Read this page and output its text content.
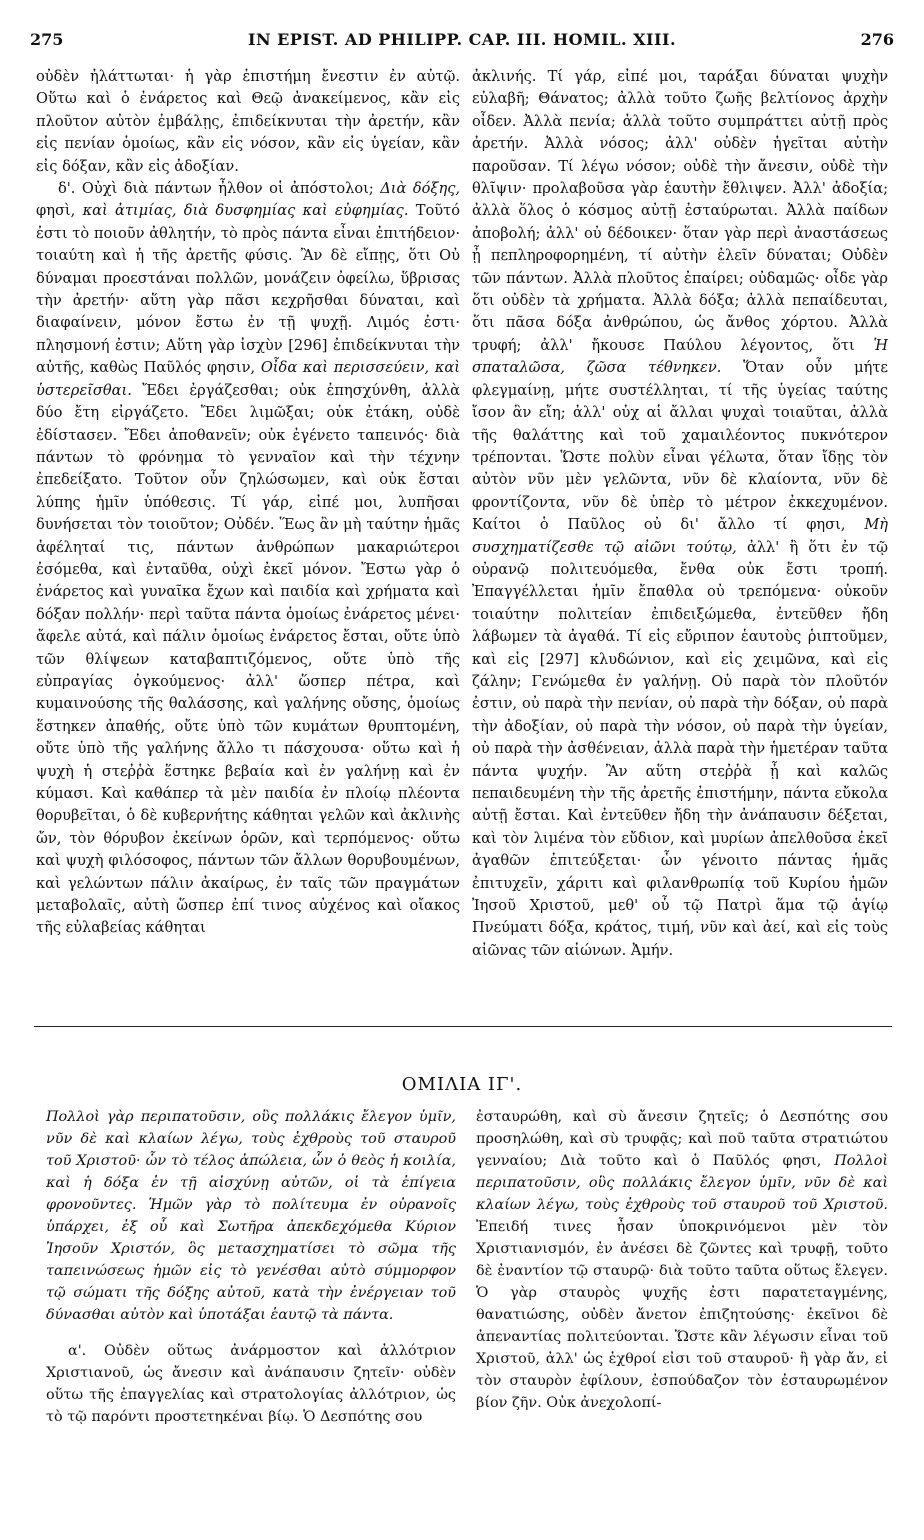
275	IN EPIST. AD PHILIPP. CAP. III. HOMIL. XIII.	276

οὐδὲν ἠλάττωται· ἡ γὰρ ἐπιστήμη ἔνεστιν ἐν αὐτῷ. Οὕτω καὶ ὁ ἐνάρετος καὶ Θεῷ ἀνακείμενος, κἂν εἰς πλοῦτον αὐτὸν ἐμβάλῃς, ἐπιδείκνυται τὴν ἀρετήν, κἂν εἰς πενίαν ὁμοίως, κἂν εἰς νόσον, κἂν εἰς ὑγείαν, κἂν εἰς δόξαν, κἂν εἰς ἀδοξίαν.

δ'. Οὐχὶ διὰ πάντων ἦλθον οἱ ἀπόστολοι; Διὰ δόξης, φησὶ, καὶ ἀτιμίας, διὰ δυσφημίας καὶ εὐφημίας. Τοῦτό ἐστι τὸ ποιοῦν ἀθλητήν, τὸ πρὸς πάντα εἶναι ἐπιτήδειον· τοιαύτη καὶ ἡ τῆς ἀρετῆς φύσις. Ἂν δὲ εἴπῃς, ὅτι Οὐ δύναμαι προεστάναι πολλῶν, μονάζειν ὀφείλω, ὕβρισας τὴν ἀρετήν· αὕτη γὰρ πᾶσι κεχρῆσθαι δύναται, καὶ διαφαίνειν, μόνον ἔστω ἐν τῇ ψυχῇ. Λιμός ἐστι· πλησμονή ἐστιν; Αὕτη γὰρ ἰσχὺν [296] ἐπιδείκνυται τὴν αὐτῆς, καθὼς Παῦλός φησιν, Οἶδα καὶ περισσεύειν, καὶ ὑστερεῖσθαι. Ἔδει ἐργάζεσθαι; οὐκ ἐπησχύνθη, ἀλλὰ δύο ἔτη εἰργάζετο. Ἔδει λιμῶξαι; οὐκ ἐτάκη, οὐδὲ ἐδίστασεν. Ἔδει ἀποθανεῖν; οὐκ ἐγένετο ταπεινός· διὰ πάντων τὸ φρόνημα τὸ γενναῖον καὶ τὴν τέχνην ἐπεδείξατο. Τοῦτον οὖν ζηλώσωμεν, καὶ οὐκ ἔσται λύπης ἡμῖν ὑπόθεσις. Τί γάρ, εἰπέ μοι, λυπῆσαι δυνήσεται τὸν τοιοῦτον; Οὐδέν. Ἕως ἂν μὴ ταύτην ἡμᾶς ἀφέληταί τις, πάντων ἀνθρώπων μακαριώτεροι ἐσόμεθα, καὶ ἐνταῦθα, οὐχὶ ἐκεῖ μόνον. Ἔστω γὰρ ὁ ἐνάρετος καὶ γυναῖκα ἔχων καὶ παιδία καὶ χρήματα καὶ δόξαν πολλήν· περὶ ταῦτα πάντα ὁμοίως ἐνάρετος μένει· ἄφελε αὐτά, καὶ πάλιν ὁμοίως ἐνάρετος ἔσται, οὔτε ὑπὸ τῶν θλίψεων καταβαπτιζόμενος, οὔτε ὑπὸ τῆς εὐπραγίας ὀγκούμενος· ἀλλ' ὥσπερ πέτρα, καὶ κυμαινούσης τῆς θαλάσσης, καὶ γαλήνης οὔσης, ὁμοίως ἕστηκεν ἀπαθής, οὔτε ὑπὸ τῶν κυμάτων θρυπτομένη, οὔτε ὑπὸ τῆς γαλήνης ἄλλο τι πάσχουσα· οὕτω καὶ ἡ ψυχὴ ἡ στεῤῥὰ ἕστηκε βεβαία καὶ ἐν γαλήνῃ καὶ ἐν κύμασι. Καὶ καθάπερ τὰ μὲν παιδία ἐν πλοίῳ πλέοντα θορυβεῖται, ὁ δὲ κυβερνήτης κάθηται γελῶν καὶ ἀκλινὴς ὤν, τὸν θόρυβον ἐκείνων ὁρῶν, καὶ τερπόμενος· οὕτω καὶ ψυχὴ φιλόσοφος, πάντων τῶν ἄλλων θορυβουμένων, καὶ γελώντων πάλιν ἀκαίρως, ἐν ταῖς τῶν πραγμάτων μεταβολαῖς, αὐτὴ ὥσπερ ἐπί τινος αὐχένος καὶ οἴακος τῆς εὐλαβείας κάθηται

ἀκλινής. Τί γάρ, εἰπέ μοι, ταράξαι δύναται ψυχὴν εὐλαβῆ; Θάνατος; ἀλλὰ τοῦτο ζωῆς βελτίονος ἀρχὴν οἶδεν. Ἀλλὰ πενία; ἀλλὰ τοῦτο συμπράττει αὐτῇ πρὸς ἀρετήν. Ἀλλὰ νόσος; ἀλλ' οὐδὲν ἡγεῖται αὐτὴν παροῦσαν. Τί λέγω νόσον; οὐδὲ τὴν ἄνεσιν, οὐδὲ τὴν θλῖψιν· προλαβοῦσα γὰρ ἑαυτὴν ἔθλιψεν. Ἀλλ' ἀδοξία; ἀλλὰ ὅλος ὁ κόσμος αὐτῇ ἐσταύρωται. Ἀλλὰ παίδων ἀποβολή; ἀλλ' οὐ δέδοικεν· ὅταν γὰρ περὶ ἀναστάσεως ᾖ πεπληροφορημένη, τί αὐτὴν ἐλεῖν δύναται; Οὐδὲν τῶν πάντων. Ἀλλὰ πλοῦτος ἐπαίρει; οὐδαμῶς· οἶδε γὰρ ὅτι οὐδὲν τὰ χρήματα. Ἀλλὰ δόξα; ἀλλὰ πεπαίδευται, ὅτι πᾶσα δόξα ἀνθρώπου, ὡς ἄνθος χόρτου. Ἀλλὰ τρυφή; ἀλλ' ἤκουσε Παύλου λέγοντος, ὅτι Ἡ σπαταλῶσα, ζῶσα τέθνηκεν. Ὅταν οὖν μήτε φλεγμαίνῃ, μήτε συστέλληται, τί τῆς ὑγείας ταύτης ἴσον ἂν εἴη; ἀλλ' οὐχ αἱ ἄλλαι ψυχαὶ τοιαῦται, ἀλλὰ τῆς θαλάττης καὶ τοῦ χαμαιλέοντος πυκνότερον τρέπονται. Ὥστε πολὺν εἶναι γέλωτα, ὅταν ἴδῃς τὸν αὐτὸν νῦν μὲν γελῶντα, νῦν δὲ κλαίοντα, νῦν δὲ φροντίζοντα, νῦν δὲ ὑπὲρ τὸ μέτρον ἐκκεχυμένον. Καίτοι ὁ Παῦλος οὐ δι' ἄλλο τί φησι, Μὴ συσχηματίζεσθε τῷ αἰῶνι τούτῳ, ἀλλ' ἢ ὅτι ἐν τῷ οὐρανῷ πολιτευόμεθα, ἔνθα οὐκ ἔστι τροπή. Ἐπαγγέλλεται ἡμῖν ἔπαθλα οὐ τρεπόμενα· οὐκοῦν τοιαύτην πολιτείαν ἐπιδειξώμεθα, ἐντεῦθεν ἤδη λάβωμεν τὰ ἀγαθά. Τί εἰς εὔριπον ἑαυτοὺς ῥιπτοῦμεν, καὶ εἰς [297] κλυδώνιον, καὶ εἰς χειμῶνα, καὶ εἰς ζάλην; Γενώμεθα ἐν γαλήνῃ. Οὐ παρὰ τὸν πλοῦτόν ἐστιν, οὐ παρὰ τὴν πενίαν, οὐ παρὰ τὴν δόξαν, οὐ παρὰ τὴν ἀδοξίαν, οὐ παρὰ τὴν νόσον, οὐ παρὰ τὴν ὑγείαν, οὐ παρὰ τὴν ἀσθένειαν, ἀλλὰ παρὰ τὴν ἡμετέραν ταῦτα πάντα ψυχήν. Ἂν αὕτη στεῤῥὰ ᾖ καὶ καλῶς πεπαιδευμένη τὴν τῆς ἀρετῆς ἐπιστήμην, πάντα εὔκολα αὐτῇ ἔσται. Καὶ ἐντεῦθεν ἤδη τὴν ἀνάπαυσιν δέξεται, καὶ τὸν λιμένα τὸν εὔδιον, καὶ μυρίων ἀπελθοῦσα ἐκεῖ ἀγαθῶν ἐπιτεύξεται· ὧν γένοιτο πάντας ἡμᾶς ἐπιτυχεῖν, χάριτι καὶ φιλανθρωπίᾳ τοῦ Κυρίου ἡμῶν Ἰησοῦ Χριστοῦ, μεθ' οὗ τῷ Πατρὶ ἅμα τῷ ἁγίῳ Πνεύματι δόξα, κράτος, τιμή, νῦν καὶ ἀεί, καὶ εἰς τοὺς αἰῶνας τῶν αἰώνων. Ἀμήν.

ΟΜΙΛΙΑ ΙΓ'.

Πολλοὶ γὰρ περιπατοῦσιν, οὓς πολλάκις ἔλεγον ὑμῖν, νῦν δὲ καὶ κλαίων λέγω, τοὺς ἐχθροὺς τοῦ σταυροῦ τοῦ Χριστοῦ· ὧν τὸ τέλος ἀπώλεια, ὧν ὁ θεὸς ἡ κοιλία, καὶ ἡ δόξα ἐν τῇ αἰσχύνῃ αὐτῶν, οἱ τὰ ἐπίγεια φρονοῦντες. Ἡμῶν γὰρ τὸ πολίτευμα ἐν οὐρανοῖς ὑπάρχει, ἐξ οὗ καὶ Σωτῆρα ἀπεκδεχόμεθα Κύριον Ἰησοῦν Χριστόν, ὃς μετασχηματίσει τὸ σῶμα τῆς ταπεινώσεως ἡμῶν εἰς τὸ γενέσθαι αὐτὸ σύμμορφον τῷ σώματι τῆς δόξης αὐτοῦ, κατὰ τὴν ἐνέργειαν τοῦ δύνασθαι αὐτὸν καὶ ὑποτάξαι ἑαυτῷ τὰ πάντα.

α'. Οὐδὲν οὕτως ἀνάρμοστον καὶ ἀλλότριον Χριστιανοῦ, ὡς ἄνεσιν καὶ ἀνάπαυσιν ζητεῖν· οὐδὲν οὕτω τῆς ἐπαγγελίας καὶ στρατολογίας ἀλλότριον, ὡς τὸ τῷ παρόντι προστετηκέναι βίῳ. Ὁ Δεσπότης σου

ἐσταυρώθη, καὶ σὺ ἄνεσιν ζητεῖς; ὁ Δεσπότης σου προσηλώθη, καὶ σὺ τρυφᾷς; καὶ ποῦ ταῦτα στρατιώτου γενναίου; Διὰ τοῦτο καὶ ὁ Παῦλός φησι, Πολλοὶ περιπατοῦσιν, οὓς πολλάκις ἔλεγον ὑμῖν, νῦν δὲ καὶ κλαίων λέγω, τοὺς ἐχθροὺς τοῦ σταυροῦ τοῦ Χριστοῦ. Ἐπειδή τινες ἦσαν ὑποκρινόμενοι μὲν τὸν Χριστιανισμόν, ἐν ἀνέσει δὲ ζῶντες καὶ τρυφῇ, τοῦτο δὲ ἐναντίον τῷ σταυρῷ· διὰ τοῦτο ταῦτα οὕτως ἔλεγεν. Ὁ γὰρ σταυρὸς ψυχῆς ἐστι παρατεταγμένης, θανατιώσης, οὐδὲν ἄνετον ἐπιζητούσης· ἐκεῖνοι δὲ ἀπεναντίας πολιτεύονται. Ὥστε κἂν λέγωσιν εἶναι τοῦ Χριστοῦ, ἀλλ' ὡς ἐχθροί εἰσι τοῦ σταυροῦ· ἢ γὰρ ἄν, εἰ τὸν σταυρὸν ἐφίλουν, ἐσπούδαζον τὸν ἐσταυρωμένον βίον ζῆν. Οὐκ ἀνεχολοπί-
